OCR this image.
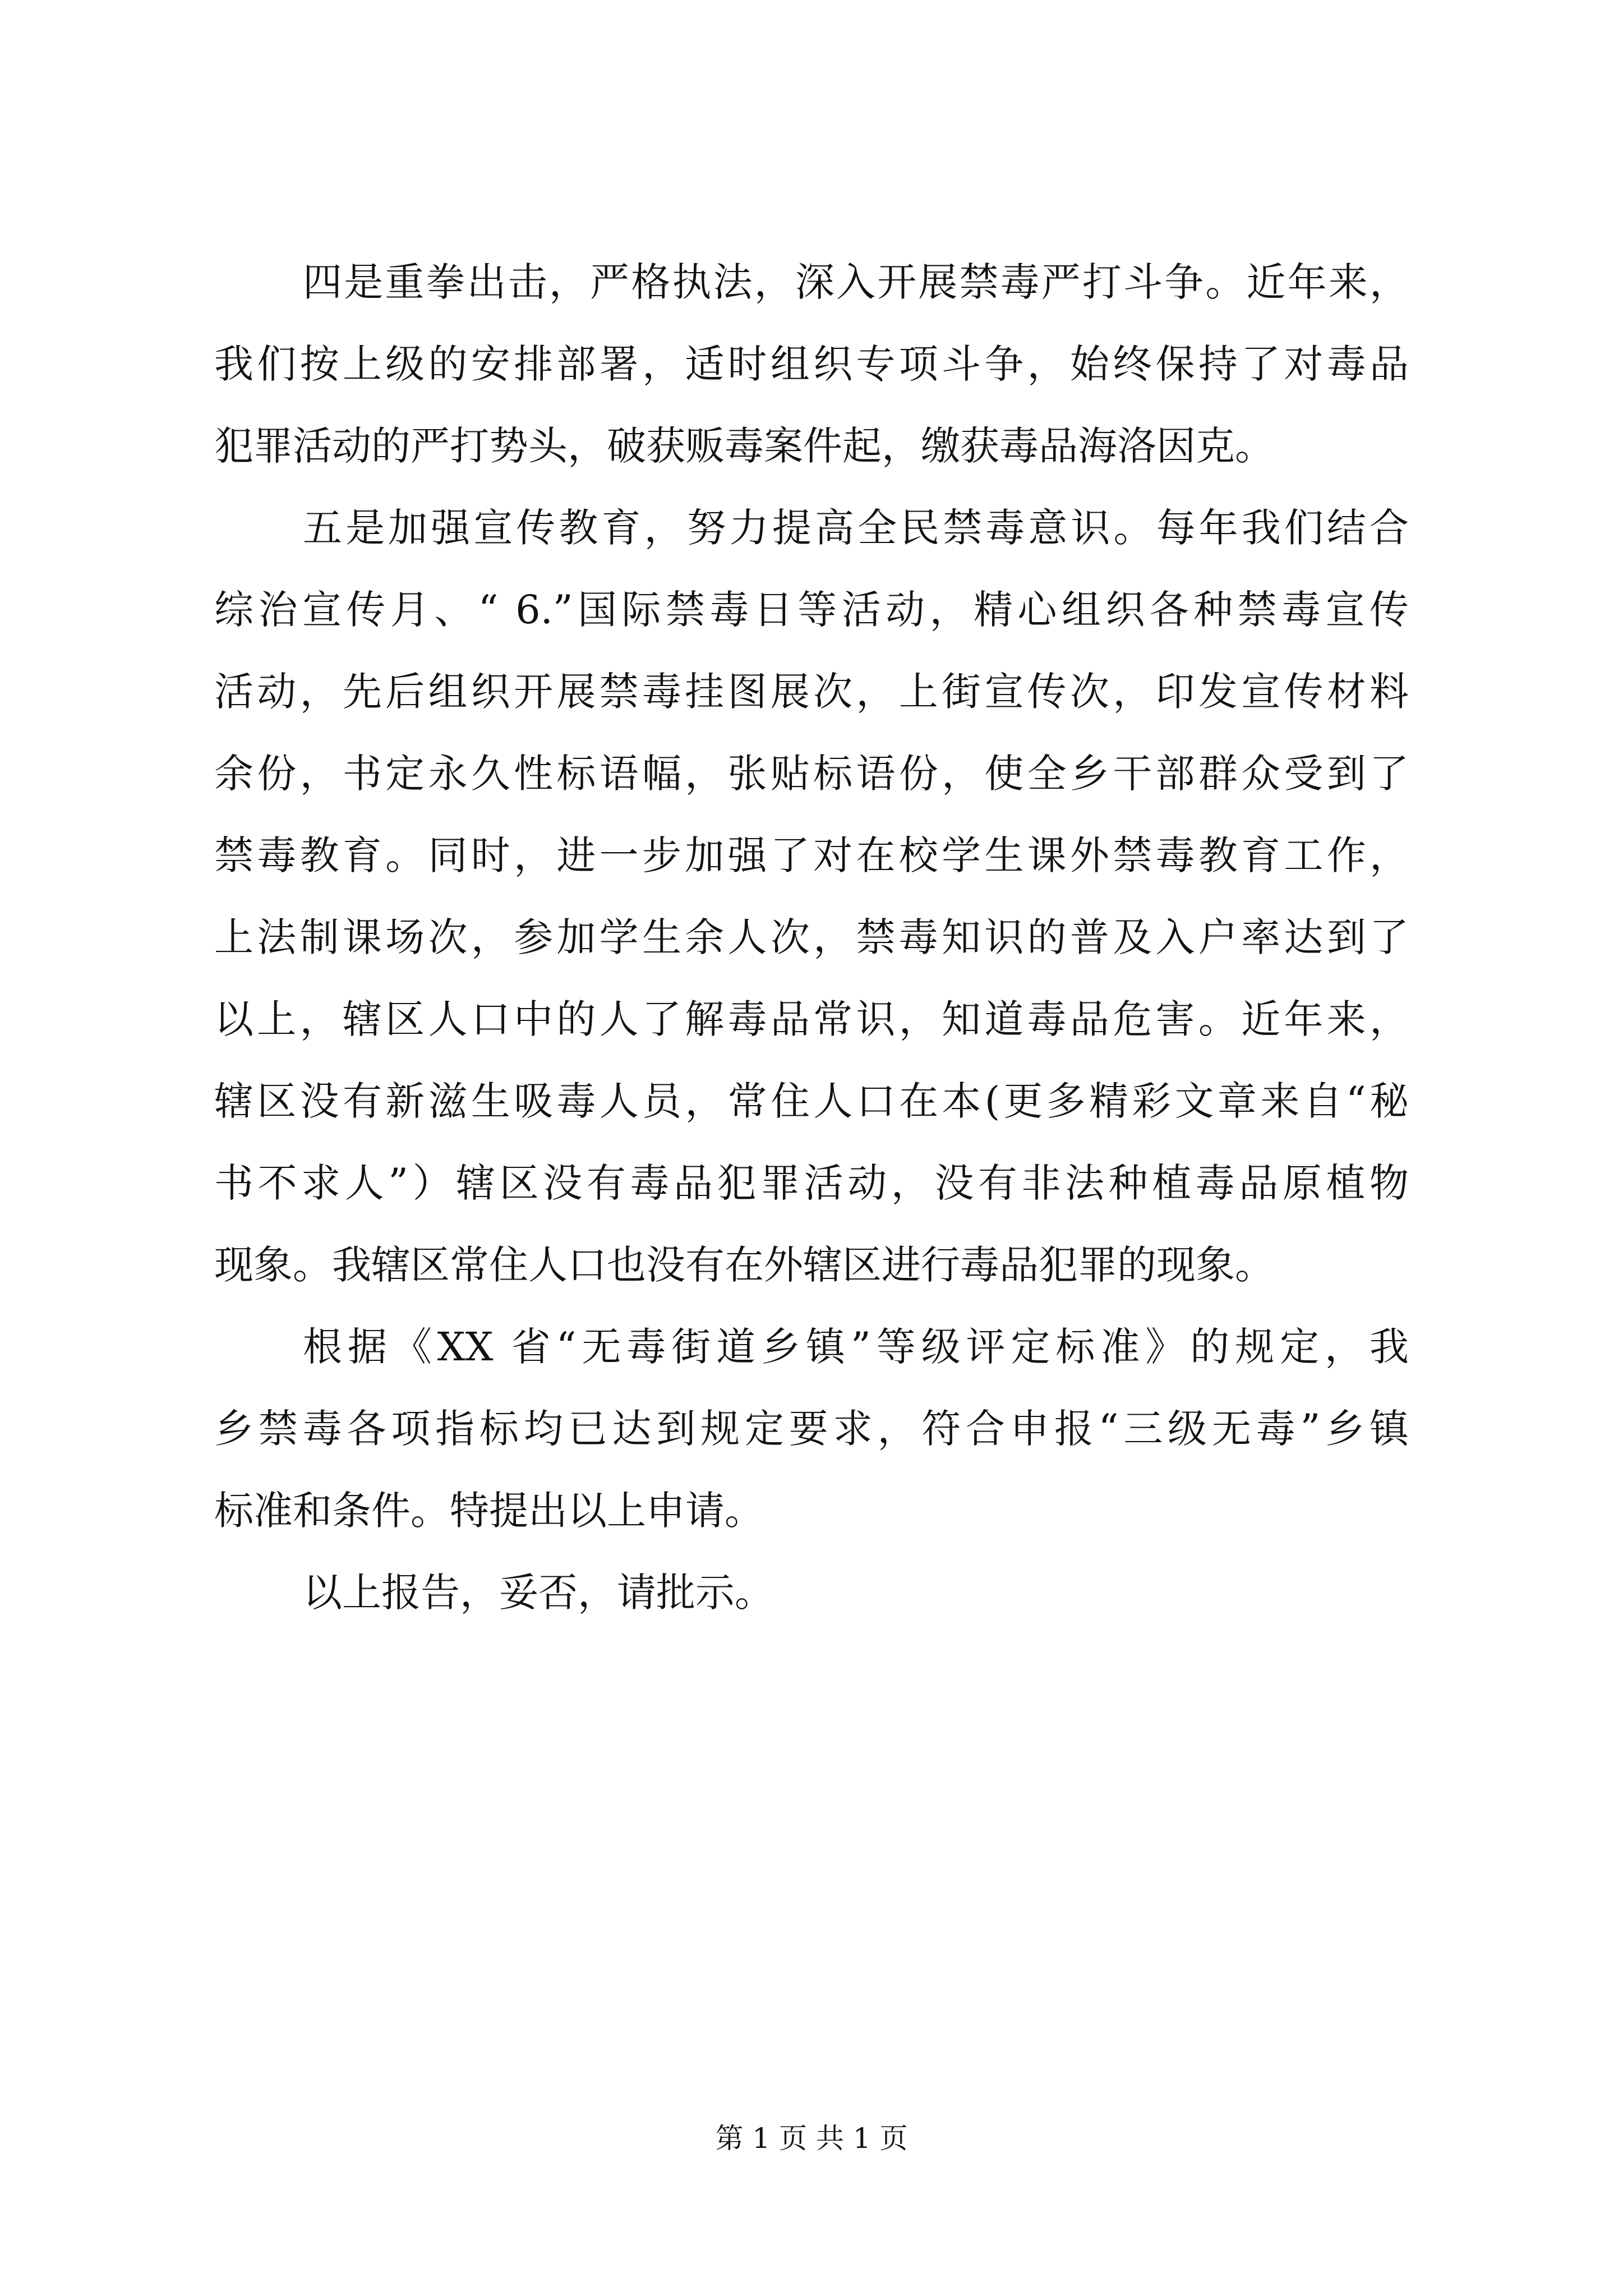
四是重拳出击，严格执法，深入开展禁毒严打斗争。近年来，
我们按上级的安排部署，适时组织专项斗争，始终保持了对毒品
犯罪活动的严打势头，破获贩毒案件起，缴获毒品海洛因克。
五是加强宣传教育，努力提高全民禁毒意识。每年我们结合
综治宣传月、“ 6.”国际禁毒日等活动，精心组织各种禁毒宣传
活动，先后组织开展禁毒挂图展次，上街宣传次，印发宣传材料
余份，书定永久性标语幅，张贴标语份，使全乡干部群众受到了
禁毒教育。同时，进一步加强了对在校学生课外禁毒教育工作，
上法制课场次，参加学生余人次，禁毒知识的普及入户率达到了
以上，辖区人口中的人了解毒品常识，知道毒品危害。近年来，
辖区没有新滋生吸毒人员，常住人口在本(更多精彩文章来自“秘
书不求人”）辖区没有毒品犯罪活动，没有非法种植毒品原植物
现象。我辖区常住人口也没有在外辖区进行毒品犯罪的现象。
根据《XX 省“无毒街道乡镇”等级评定标准》的规定，我
乡禁毒各项指标均已达到规定要求，符合申报“三级无毒”乡镇
标准和条件。特提出以上申请。
以上报告，妥否，请批示。
第 1 页 共 1 页
